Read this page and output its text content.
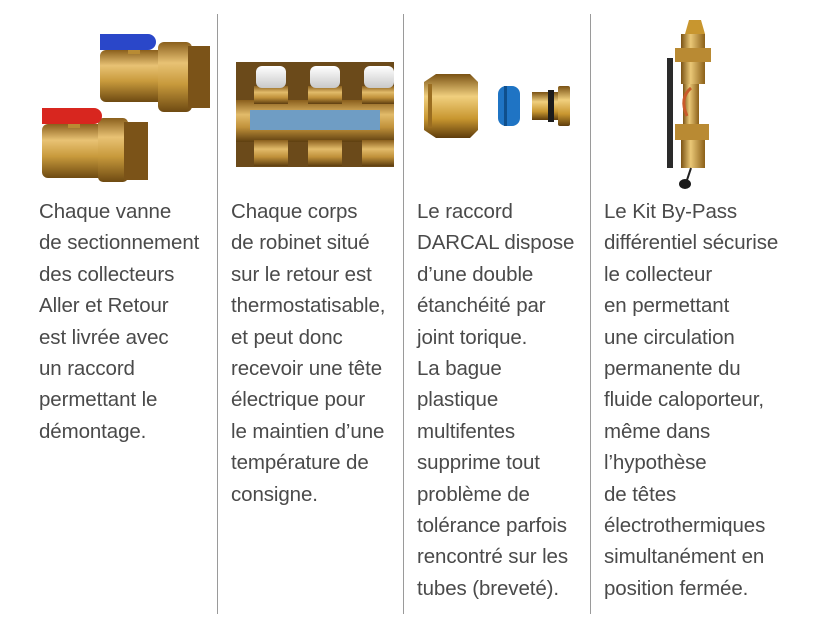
Chaque vanne
de sectionnement
des collecteurs
Aller et Retour
est livrée avec
un raccord
permettant le
démontage.
Chaque corps
de robinet situé
sur le retour est
thermostatisable,
et peut donc
recevoir une tête
électrique pour
le maintien d’une
température de
consigne.
Le raccord
DARCAL dispose
d’une double
étanchéité par
joint torique.
La bague
plastique
multifentes
supprime tout
problème de
tolérance parfois
rencontré sur les
tubes (breveté).
Le Kit By-Pass
différentiel sécurise
le collecteur
en permettant
une circulation
permanente du
fluide caloporteur,
même dans
l’hypothèse
de têtes
électrothermiques
simultanément en
position fermée.
